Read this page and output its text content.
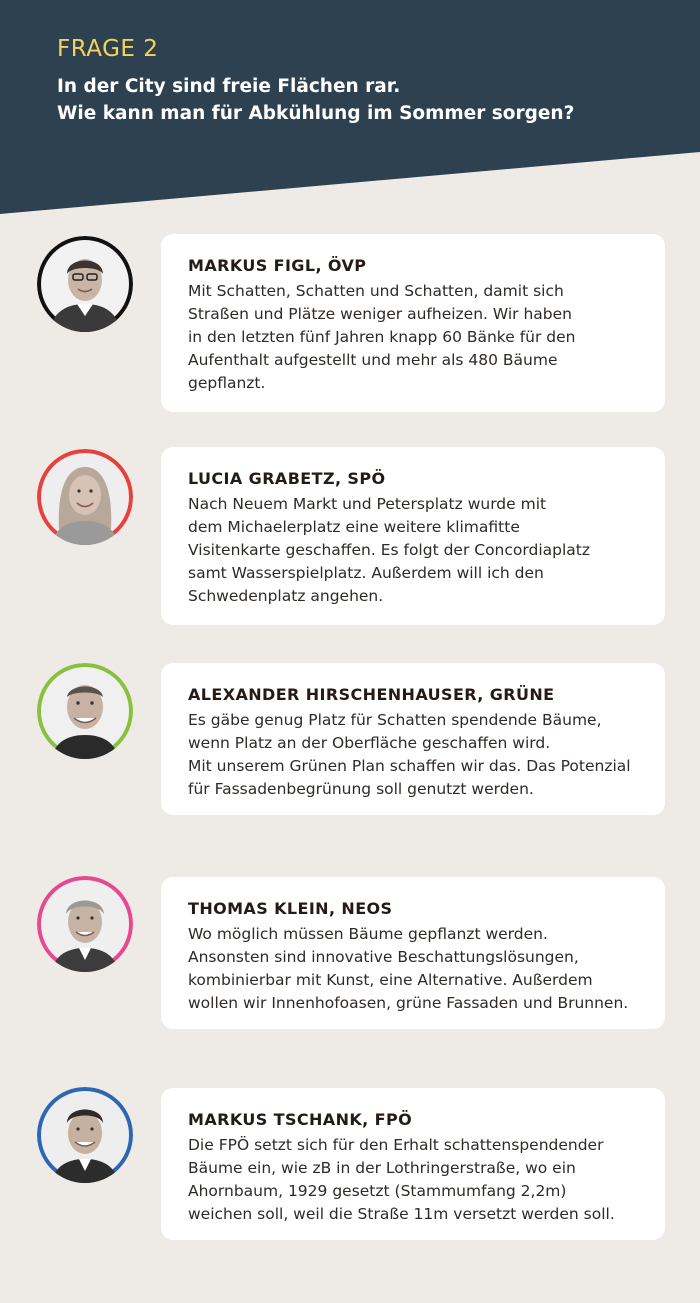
FRAGE 2
In der City sind freie Flächen rar.
Wie kann man für Abkühlung im Sommer sorgen?
MARKUS FIGL, ÖVP
Mit Schatten, Schatten und Schatten, damit sich
Straßen und Plätze weniger aufheizen. Wir haben
in den letzten fünf Jahren knapp 60 Bänke für den
Aufenthalt aufgestellt und mehr als 480 Bäume
gepflanzt.
LUCIA GRABETZ, SPÖ
Nach Neuem Markt und Petersplatz wurde mit
dem Michaelerplatz eine weitere klimafitte
Visitenkarte geschaffen. Es folgt der Concordiaplatz
samt Wasserspielplatz. Außerdem will ich den
Schwedenplatz angehen.
ALEXANDER HIRSCHENHAUSER, GRÜNE
Es gäbe genug Platz für Schatten spendende Bäume,
wenn Platz an der Oberfläche geschaffen wird.
Mit unserem Grünen Plan schaffen wir das. Das Potenzial
für Fassadenbegrünung soll genutzt werden.
THOMAS KLEIN, NEOS
Wo möglich müssen Bäume gepflanzt werden.
Ansonsten sind innovative Beschattungslösungen,
kombinierbar mit Kunst, eine Alternative. Außerdem
wollen wir Innenhofoasen, grüne Fassaden und Brunnen.
MARKUS TSCHANK, FPÖ
Die FPÖ setzt sich für den Erhalt schattenspendender
Bäume ein, wie zB in der Lothringerstraße, wo ein
Ahornbaum, 1929 gesetzt (Stammumfang 2,2m)
weichen soll, weil die Straße 11m versetzt werden soll.
